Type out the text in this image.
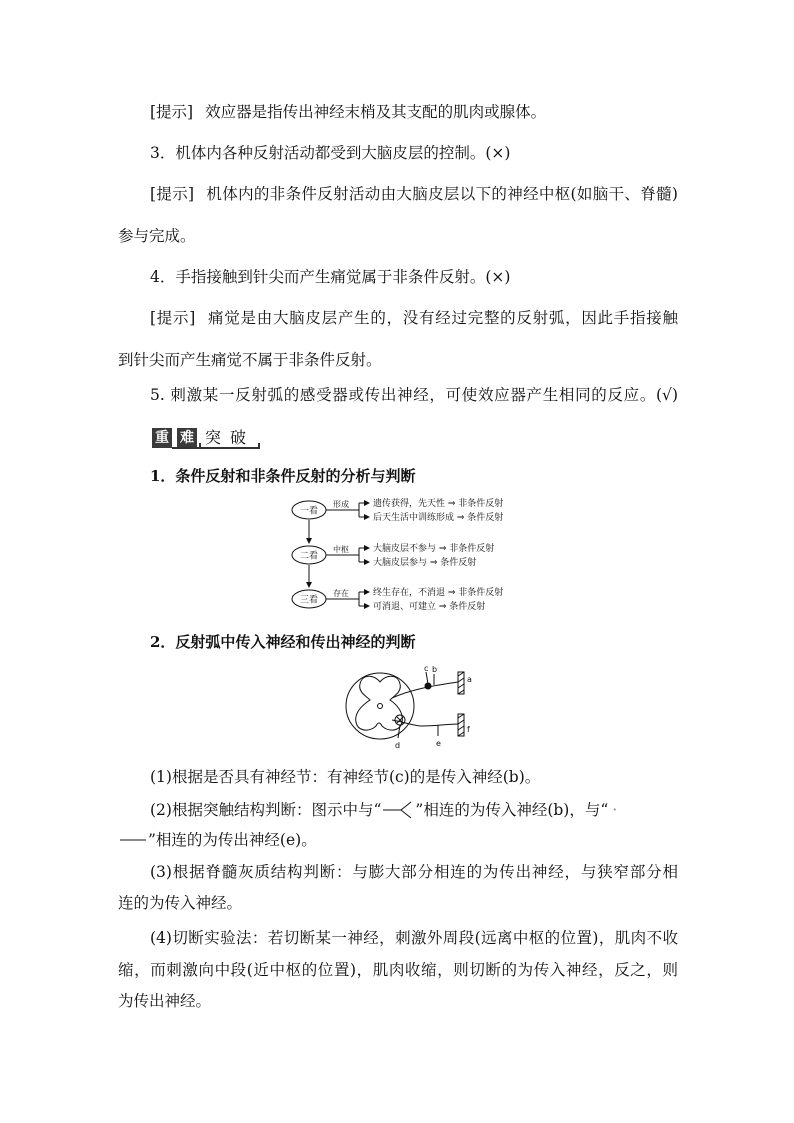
[提示] 效应器是指传出神经末梢及其支配的肌肉或腺体。
3．机体内各种反射活动都受到大脑皮层的控制。(×)
[提示] 机体内的非条件反射活动由大脑皮层以下的神经中枢(如脑干、脊髓)
参与完成。
4．手指接触到针尖而产生痛觉属于非条件反射。(×)
[提示] 痛觉是由大脑皮层产生的，没有经过完整的反射弧，因此手指接触
到针尖而产生痛觉不属于非条件反射。
5. 刺激某一反射弧的感受器或传出神经，可使效应器产生相同的反应。(√)
重 难 突 破
1．条件反射和非条件反射的分析与判断
一看
二看
三看
形成
中枢
存在
遗传获得，先天性 ⇒ 非条件反射
后天生活中训练形成 ⇒ 条件反射
大脑皮层不参与 ⇒ 非条件反射
大脑皮层参与 ⇒ 条件反射
终生存在，不消退 ⇒ 非条件反射
可消退、可建立 ⇒ 条件反射
2．反射弧中传入神经和传出神经的判断
c b
a
f
d	e
(1)根据是否具有神经节：有神经节(c)的是传入神经(b)。
(2)根据突触结构判断：图示中与“ ”相连的为传入神经(b)，与“ ·
”相连的为传出神经(e)。
(3)根据脊髓灰质结构判断：与膨大部分相连的为传出神经，与狭窄部分相
连的为传入神经。
(4)切断实验法：若切断某一神经，刺激外周段(远离中枢的位置)，肌肉不收
缩，而刺激向中段(近中枢的位置)，肌肉收缩，则切断的为传入神经，反之，则
为传出神经。
